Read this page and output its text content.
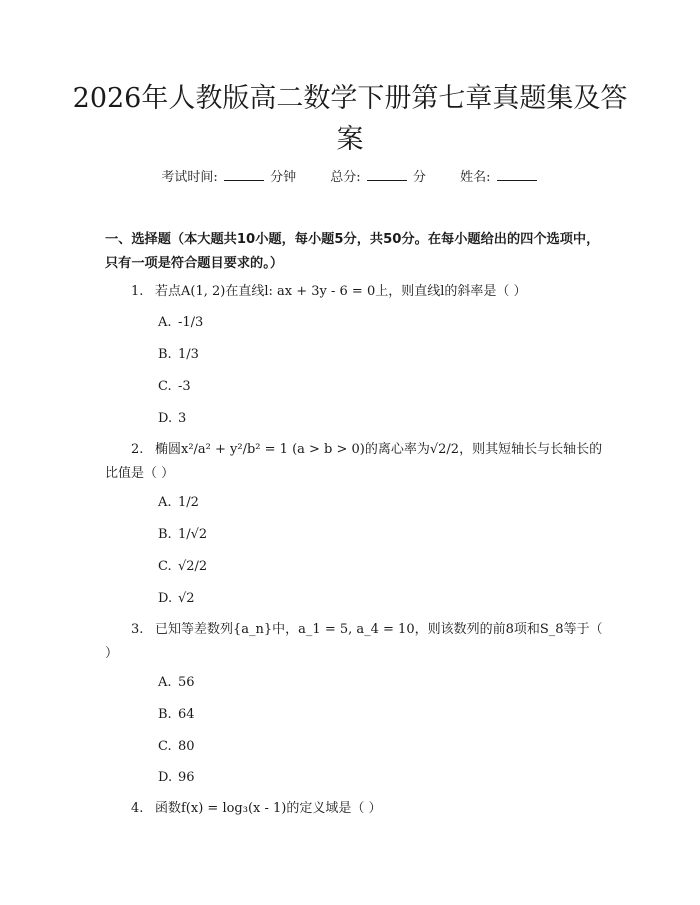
2026年人教版高二数学下册第七章真题集及答案
考试时间:	分钟	总分:	分	姓名:

一、选择题（本大题共10小题，每小题5分，共50分。在每小题给出的四个选项中，只有一项是符合题目要求的。）

1. 若点A(1, 2)在直线l: ax + 3y - 6 = 0上，则直线l的斜率是（ ）
A. -1/3
B. 1/3
C. -3
D. 3
2. 椭圆x²/a² + y²/b² = 1 (a > b > 0)的离心率为√2/2，则其短轴长与长轴长的比值是（ ）
A. 1/2
B. 1/√2
C. √2/2
D. √2
3. 已知等差数列{a_n}中，a_1 = 5, a_4 = 10，则该数列的前8项和S_8等于（ ）
A. 56
B. 64
C. 80
D. 96
4. 函数f(x) = log₃(x - 1)的定义域是（ ）
